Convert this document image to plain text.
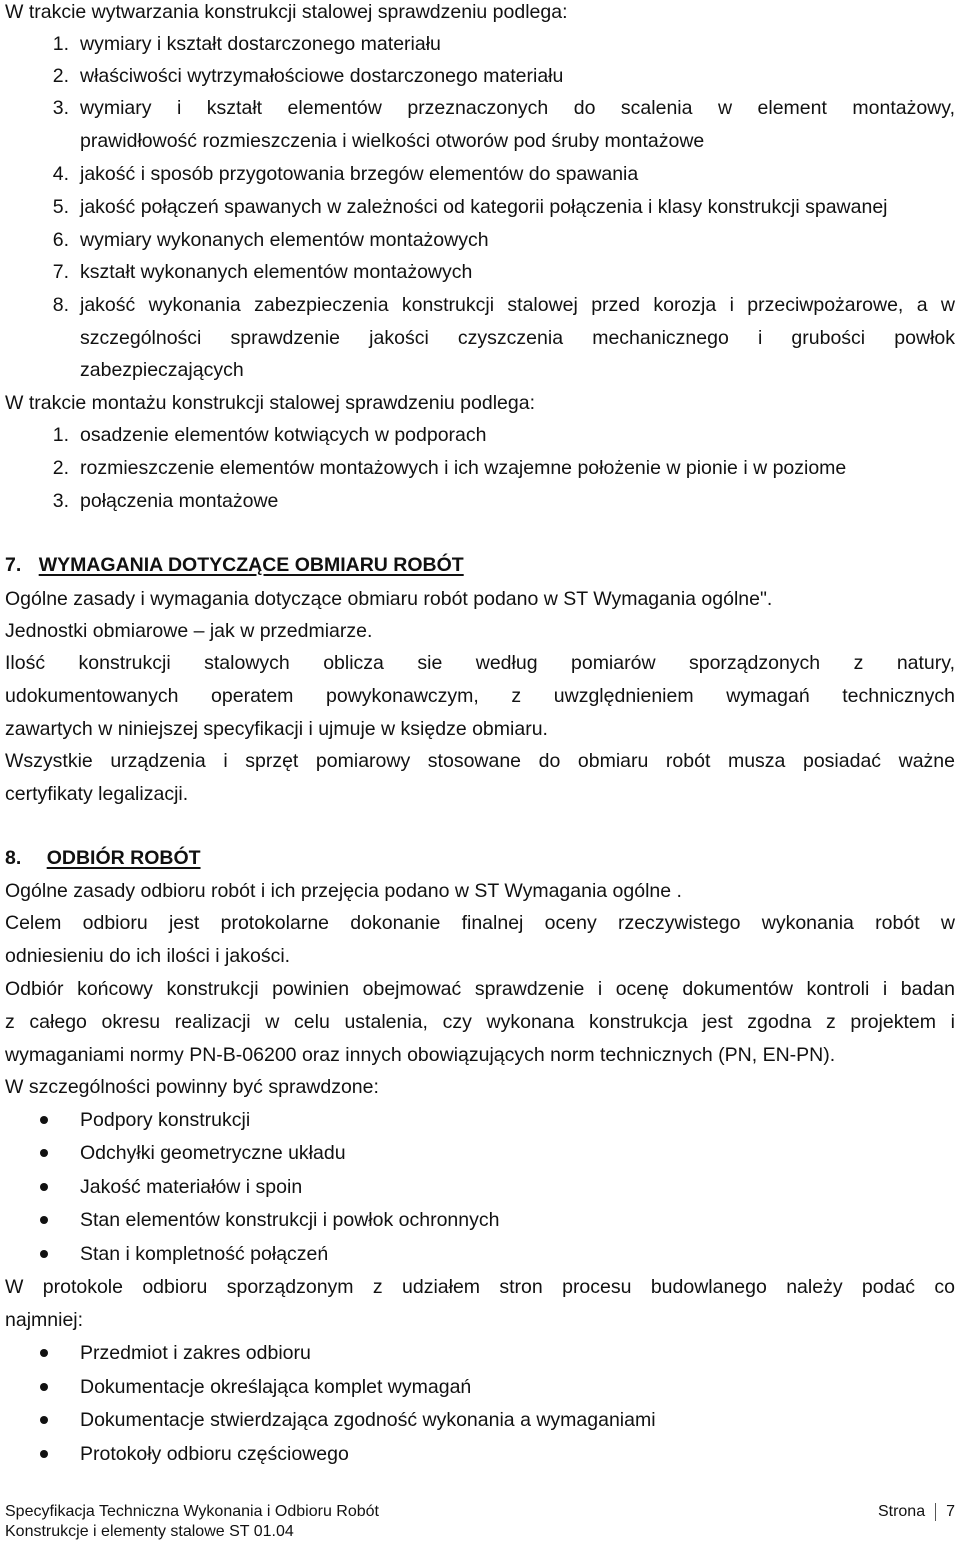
W trakcie wytwarzania konstrukcji stalowej sprawdzeniu podlega:
1. wymiary i kształt dostarczonego materiału
2. właściwości wytrzymałościowe dostarczonego materiału
3. wymiary i kształt elementów przeznaczonych do scalenia w element montażowy,
prawidłowość rozmieszczenia i wielkości otworów pod śruby montażowe
4. jakość i sposób przygotowania brzegów elementów do spawania
5. jakość połączeń spawanych w zależności od kategorii połączenia i klasy konstrukcji spawanej
6. wymiary wykonanych elementów montażowych
7. kształt wykonanych elementów montażowych
8. jakość wykonania zabezpieczenia konstrukcji stalowej przed korozja i przeciwpożarowe, a w
szczególności sprawdzenie jakości czyszczenia mechanicznego i grubości powłok
zabezpieczających
W trakcie montażu konstrukcji stalowej sprawdzeniu podlega:
1. osadzenie elementów kotwiących w podporach
2. rozmieszczenie elementów montażowych i ich wzajemne położenie w pionie i w poziome
3. połączenia montażowe
7. WYMAGANIA DOTYCZĄCE OBMIARU ROBÓT
Ogólne zasady i wymagania dotyczące obmiaru robót podano w ST Wymagania ogólne".
Jednostki obmiarowe – jak w przedmiarze.
Ilość konstrukcji stalowych oblicza sie według pomiarów sporządzonych z natury,
udokumentowanych operatem powykonawczym, z uwzględnieniem wymagań technicznych
zawartych w niniejszej specyfikacji i ujmuje w księdze obmiaru.
Wszystkie urządzenia i sprzęt pomiarowy stosowane do obmiaru robót musza posiadać ważne
certyfikaty legalizacji.
8. ODBIÓR ROBÓT
Ogólne zasady odbioru robót i ich przejęcia podano w ST Wymagania ogólne .
Celem odbioru jest protokolarne dokonanie finalnej oceny rzeczywistego wykonania robót w
odniesieniu do ich ilości i jakości.
Odbiór końcowy konstrukcji powinien obejmować sprawdzenie i ocenę dokumentów kontroli i badan
z całego okresu realizacji w celu ustalenia, czy wykonana konstrukcja jest zgodna z projektem i
wymaganiami normy PN-B-06200 oraz innych obowiązujących norm technicznych (PN, EN-PN).
W szczególności powinny być sprawdzone:
Podpory konstrukcji
Odchyłki geometryczne układu
Jakość materiałów i spoin
Stan elementów konstrukcji i powłok ochronnych
Stan i kompletność połączeń
W protokole odbioru sporządzonym z udziałem stron procesu budowlanego należy podać co
najmniej:
Przedmiot i zakres odbioru
Dokumentacje określająca komplet wymagań
Dokumentacje stwierdzająca zgodność wykonania a wymaganiami
Protokoły odbioru częściowego
Specyfikacja Techniczna Wykonania i Odbioru Robót
Konstrukcje i elementy stalowe ST 01.04
Strona 7
